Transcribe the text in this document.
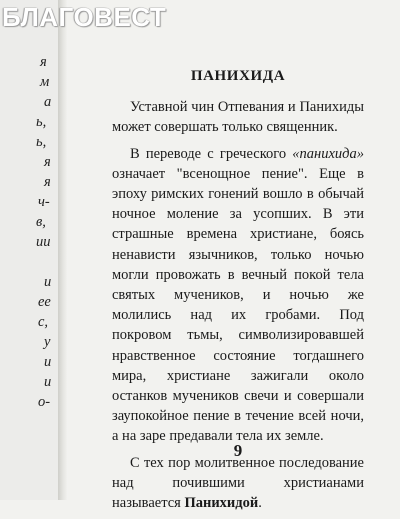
я
м
а
ь,
ь,
я
я
ч-
в,
ии
и
ее
с,
у
и
и
о-
БЛАГОВЕСТ
ПАНИХИДА

Уставной чин Отпевания и Панихиды может совершать только священник.

В переводе с греческого «панихида» означает "всенощное пение". Еще в эпоху римских гонений вошло в обычай ночное моление за усопших. В эти страшные времена христиане, боясь ненависти язычников, только ночью могли провожать в вечный покой тела святых мучеников, и ночью же молились над их гробами. Под покровом тьмы, символизировавшей нравственное состояние тогдашнего мира, христиане зажигали около останков мучеников свечи и совершали заупокойное пение в течение всей ночи, а на заре предавали тела их земле.

С тех пор молитвенное последование над почившими христианами называется Панихидой.

9
